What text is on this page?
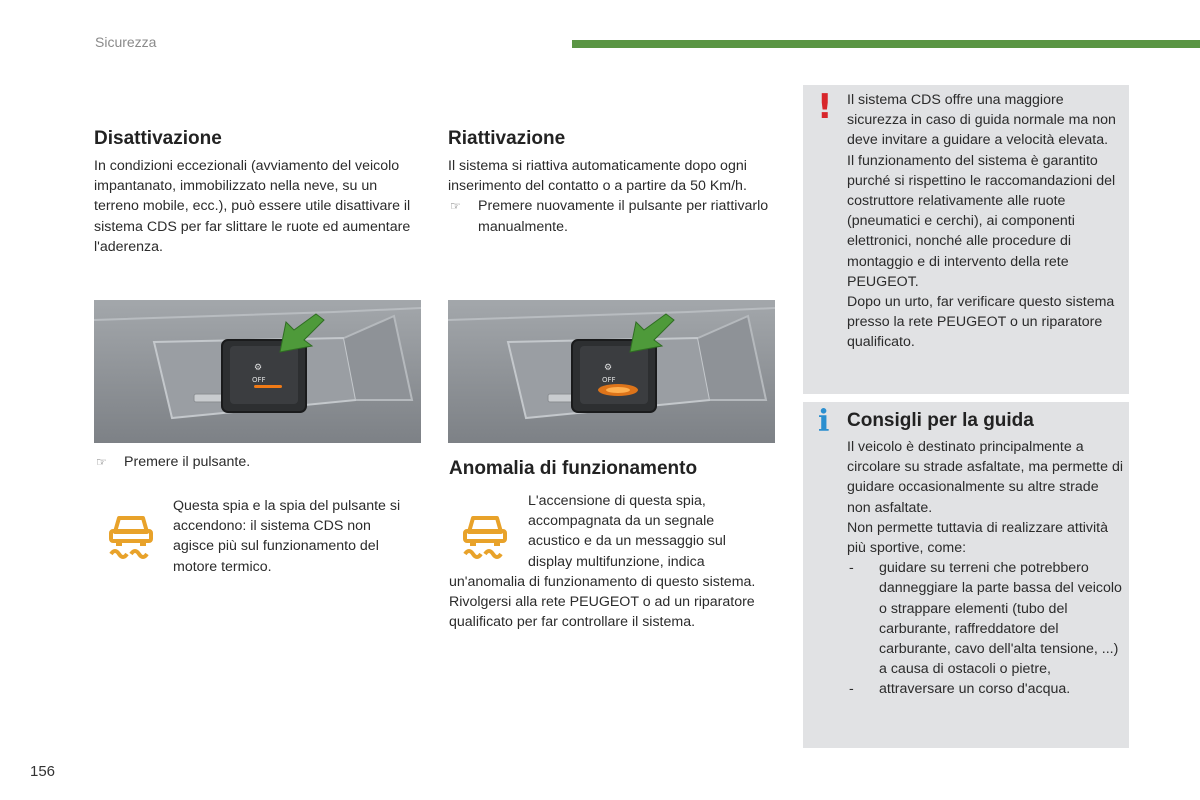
Sicurezza
Disattivazione

In condizioni eccezionali (avviamento del veicolo impantanato, immobilizzato nella neve, su un terreno mobile, ecc.), può essere utile disattivare il sistema CDS per far slittare le ruote ed aumentare l'aderenza.

⚙
OFF
☞	Premere il pulsante.

Questa spia e la spia del pulsante si accendono: il sistema CDS non agisce più sul funzionamento del motore termico.

Riattivazione

Il sistema si riattiva automaticamente dopo ogni inserimento del contatto o a partire da 50 Km/h.

☞	Premere nuovamente il pulsante per riattivarlo manualmente.
⚙
OFF
Anomalia di funzionamento

L'accensione di questa spia, accompagnata da un segnale acustico e da un messaggio sul display multifunzione, indica

un'anomalia di funzionamento di questo sistema. Rivolgersi alla rete PEUGEOT o ad un riparatore qualificato per far controllare il sistema.

! Il sistema CDS offre una maggiore sicurezza in caso di guida normale ma non deve invitare a guidare a velocità elevata.
Il funzionamento del sistema è garantito purché si rispettino le raccomandazioni del costruttore relativamente alle ruote (pneumatici e cerchi), ai componenti elettronici, nonché alle procedure di montaggio e di intervento della rete PEUGEOT.
Dopo un urto, far verificare questo sistema presso la rete PEUGEOT o un riparatore qualificato.
i Consigli per la guida
Il veicolo è destinato principalmente a circolare su strade asfaltate, ma permette di guidare occasionalmente su altre strade non asfaltate.
Non permette tuttavia di realizzare attività più sportive, come:
-	guidare su terreni che potrebbero danneggiare la parte bassa del veicolo o strappare elementi (tubo del carburante, raffreddatore del carburante, cavo dell'alta tensione, ...) a causa di ostacoli o pietre,
-	attraversare un corso d'acqua.
156
